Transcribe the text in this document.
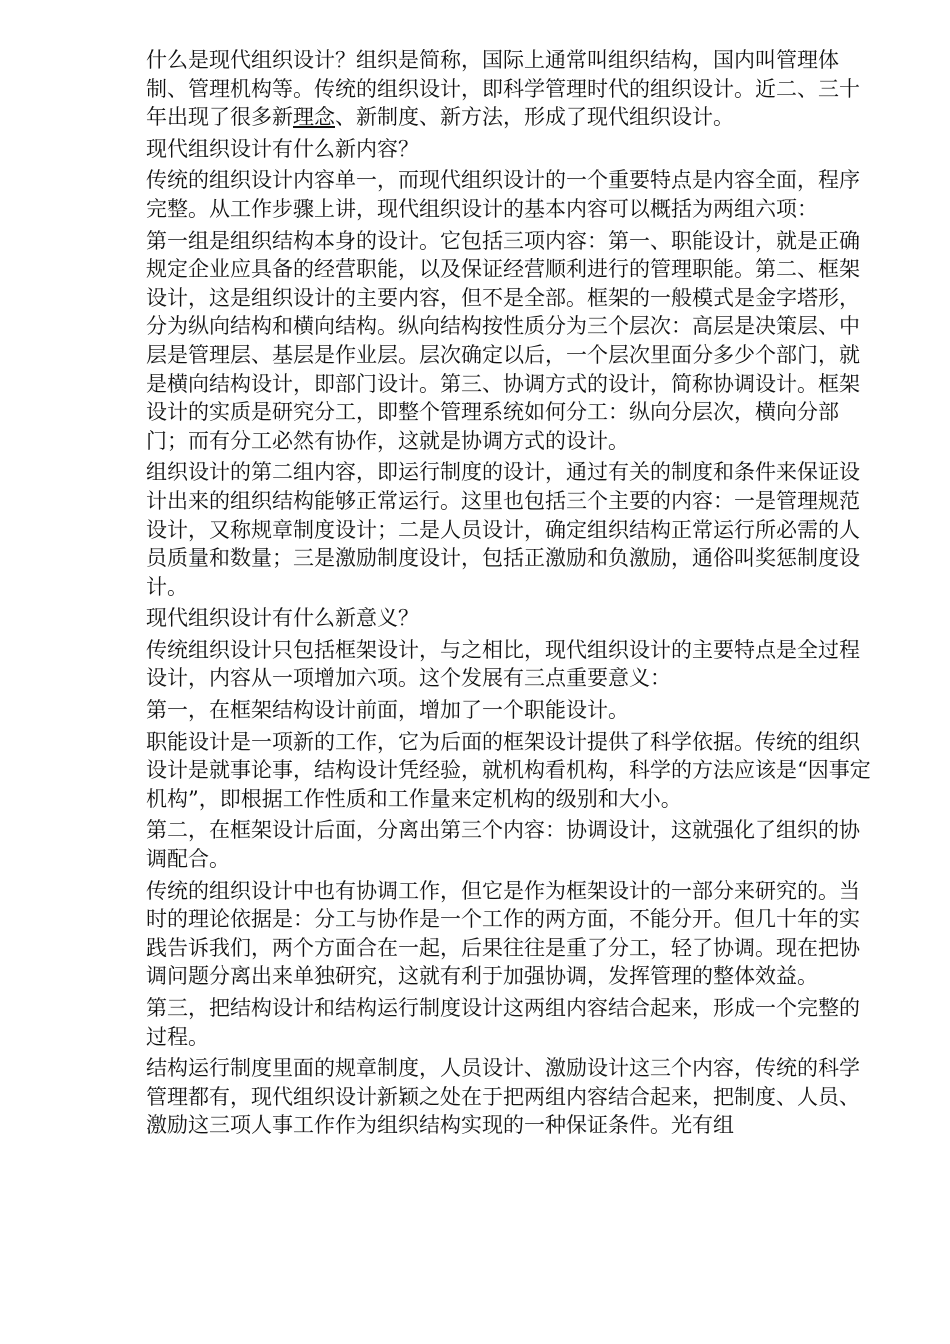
什么是现代组织设计？组织是简称，国际上通常叫组织结构，国内叫管理体制、管理机构等。传统的组织设计，即科学管理时代的组织设计。近二、三十年出现了很多新理念、新制度、新方法，形成了现代组织设计。

现代组织设计有什么新内容？

传统的组织设计内容单一，而现代组织设计的一个重要特点是内容全面，程序完整。从工作步骤上讲，现代组织设计的基本内容可以概括为两组六项：

第一组是组织结构本身的设计。它包括三项内容：第一、职能设计，就是正确规定企业应具备的经营职能，以及保证经营顺利进行的管理职能。第二、框架设计，这是组织设计的主要内容，但不是全部。框架的一般模式是金字塔形，分为纵向结构和横向结构。纵向结构按性质分为三个层次：高层是决策层、中层是管理层、基层是作业层。层次确定以后，一个层次里面分多少个部门，就是横向结构设计，即部门设计。第三、协调方式的设计，简称协调设计。框架设计的实质是研究分工，即整个管理系统如何分工：纵向分层次，横向分部门；而有分工必然有协作，这就是协调方式的设计。

组织设计的第二组内容，即运行制度的设计，通过有关的制度和条件来保证设计出来的组织结构能够正常运行。这里也包括三个主要的内容：一是管理规范设计，又称规章制度设计；二是人员设计，确定组织结构正常运行所必需的人员质量和数量；三是激励制度设计，包括正激励和负激励，通俗叫奖惩制度设计。

现代组织设计有什么新意义？

传统组织设计只包括框架设计，与之相比，现代组织设计的主要特点是全过程设计，内容从一项增加六项。这个发展有三点重要意义：

第一，在框架结构设计前面，增加了一个职能设计。

职能设计是一项新的工作，它为后面的框架设计提供了科学依据。传统的组织设计是就事论事，结构设计凭经验，就机构看机构，科学的方法应该是“因事定机构”，即根据工作性质和工作量来定机构的级别和大小。

第二，在框架设计后面，分离出第三个内容：协调设计，这就强化了组织的协调配合。

传统的组织设计中也有协调工作，但它是作为框架设计的一部分来研究的。当时的理论依据是：分工与协作是一个工作的两方面，不能分开。但几十年的实践告诉我们，两个方面合在一起，后果往往是重了分工，轻了协调。现在把协调问题分离出来单独研究，这就有利于加强协调，发挥管理的整体效益。

第三，把结构设计和结构运行制度设计这两组内容结合起来，形成一个完整的过程。

结构运行制度里面的规章制度，人员设计、激励设计这三个内容，传统的科学管理都有，现代组织设计新颖之处在于把两组内容结合起来，把制度、人员、激励这三项人事工作作为组织结构实现的一种保证条件。光有组
